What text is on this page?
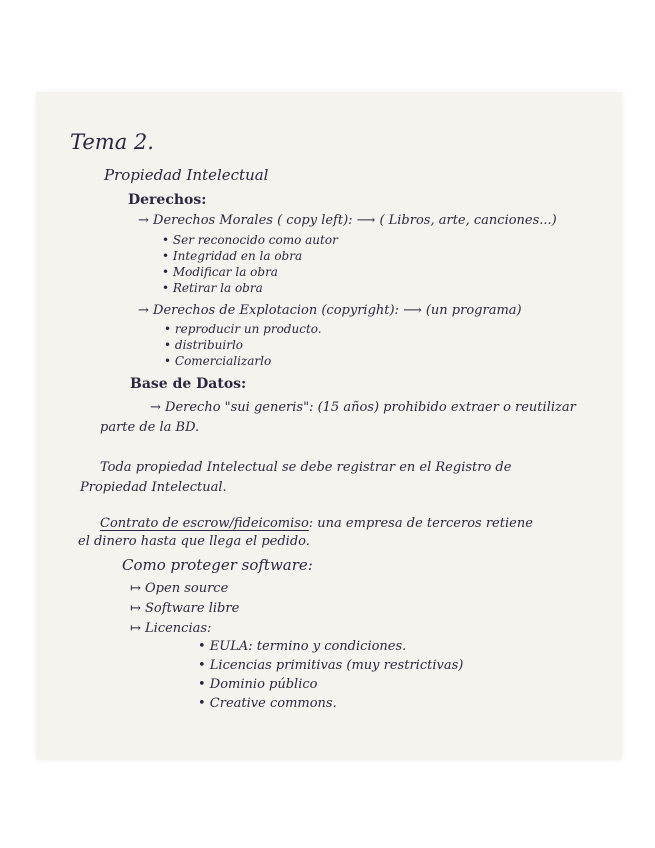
Tema 2.
Propiedad Intelectual
Derechos:
→ Derechos Morales ( copy left): ⟶ ( Libros, arte, canciones...)
• Ser reconocido como autor
• Integridad en la obra
• Modificar la obra
• Retirar la obra
→ Derechos de Explotacion (copyright): ⟶ (un programa)
• reproducir un producto.
• distribuirlo
• Comercializarlo
Base de Datos:
→ Derecho "sui generis": (15 años) prohibido extraer o reutilizar
parte de la BD.
Toda propiedad Intelectual se debe registrar en el Registro de
Propiedad Intelectual.
Contrato de escrow/fideicomiso: una empresa de terceros retiene
el dinero hasta que llega el pedido.
Como proteger software:
↦ Open source
↦ Software libre
↦ Licencias:
• EULA: termino y condiciones.
• Licencias primitivas (muy restrictivas)
• Dominio público
• Creative commons.
